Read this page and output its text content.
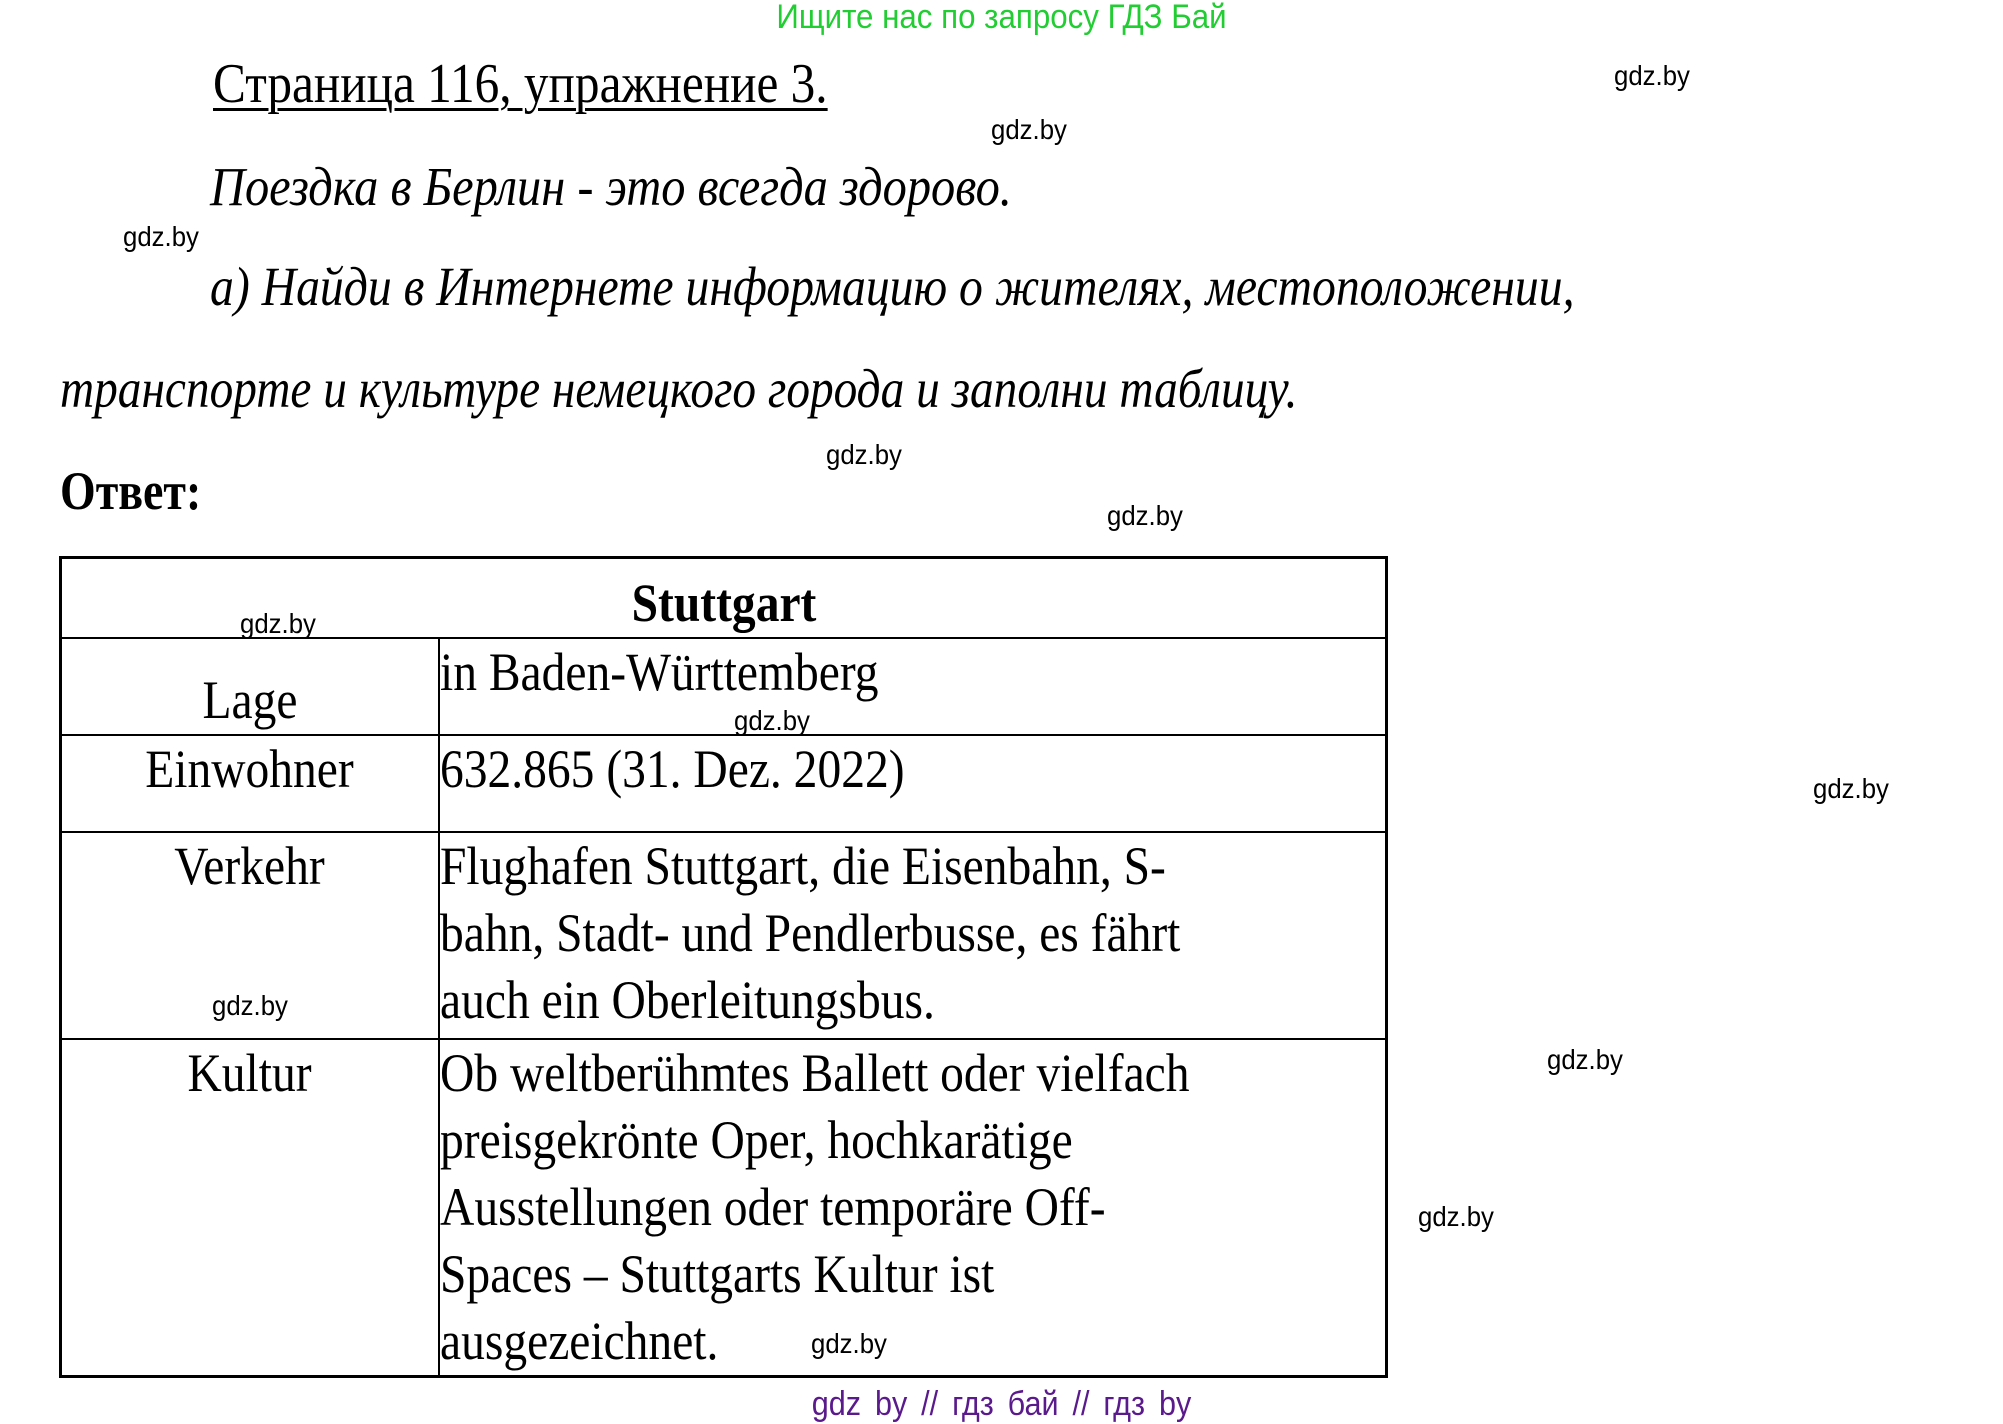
Ищите нас по запросу ГДЗ Бай
Страница 116, упражнение 3.
Поездка в Берлин - это всегда здорово.
а) Найди в Интернете информацию о жителях, местоположении,
транспорте и культуре немецкого города и заполни таблицу.
Ответ:
Stuttgart	
Lage	in Baden-Württemberg
Einwohner	632.865 (31. Dez. 2022)
Verkehr	Flughafen Stuttgart, die Eisenbahn, S-
bahn, Stadt- und Pendlerbusse, es fährt
auch ein Oberleitungsbus.

Kultur	Ob weltberühmtes Ballett oder vielfach
preisgekrönte Oper, hochkarätige
Ausstellungen oder temporäre Off-
Spaces – Stuttgarts Kultur ist
ausgezeichnet.
gdz.by
gdz.by
gdz.by
gdz.by
gdz.by
gdz.by
gdz.by
gdz.by
gdz.by
gdz.by
gdz.by
gdz.by
gdz by // гдз бай // гдз by
